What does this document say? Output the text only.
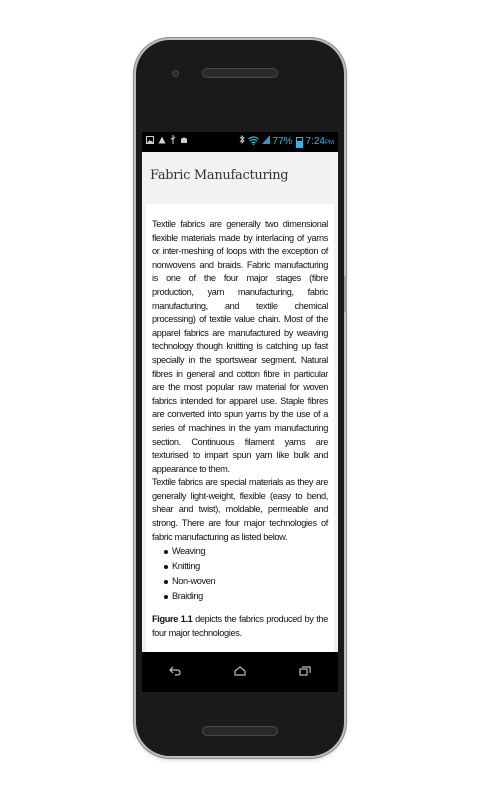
77% 7:24PM
Fabric Manufacturing

Textile fabrics are generally two dimensional flexible materials made by interlacing of yarns or inter-meshing of loops with the exception of nonwovens and braids. Fabric manufacturing is one of the four major stages (fibre production, yarn manufacturing, fabric manufacturing, and textile chemical processing) of textile value chain. Most of the apparel fabrics are manufactured by weaving technology though knitting is catching up fast specially in the sportswear segment. Natural fibres in general and cotton fibre in particular are the most popular raw material for woven fabrics intended for apparel use. Staple fibres are converted into spun yarns by the use of a series of machines in the yarn manufacturing section. Continuous filament yarns are texturised to impart spun yarn like bulk and appearance to them.

Textile fabrics are special materials as they are generally light-weight, flexible (easy to bend, shear and twist), moldable, permeable and strong. There are four major technologies of fabric manufacturing as listed below.

Weaving
Knitting
Non-woven
Braiding

Figure 1.1 depicts the fabrics produced by the four major technologies.
